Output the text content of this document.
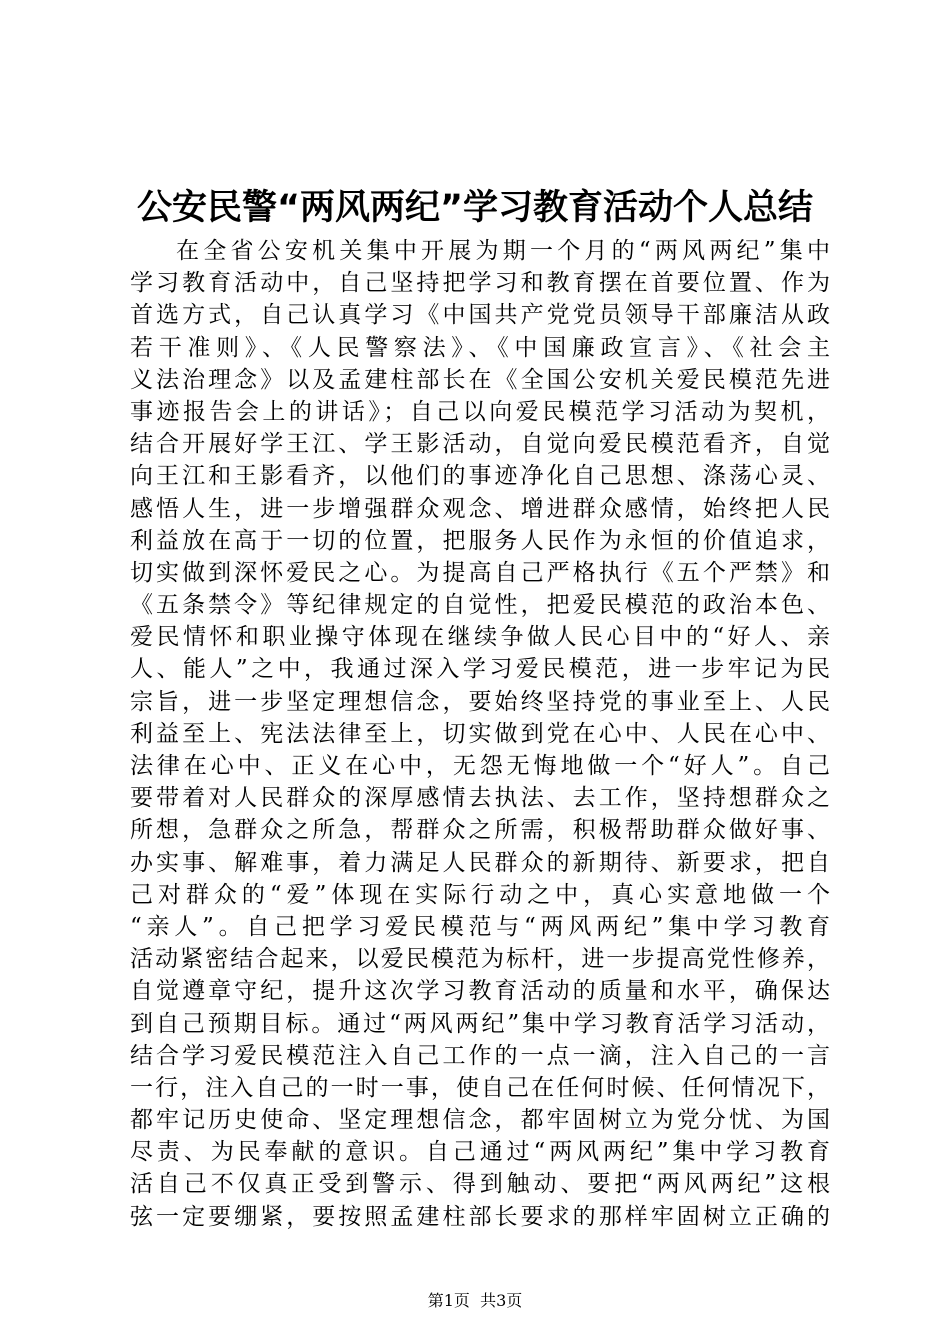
公安民警“两风两纪”学习教育活动个人总结
在全省公安机关集中开展为期一个月的“两风两纪”集中
学习教育活动中，自己坚持把学习和教育摆在首要位置、作为
首选方式，自己认真学习《中国共产党党员领导干部廉洁从政
若干准则》、《人民警察法》、《中国廉政宣言》、《社会主
义法治理念》以及孟建柱部长在《全国公安机关爱民模范先进
事迹报告会上的讲话》；自己以向爱民模范学习活动为契机，
结合开展好学王江、学王影活动，自觉向爱民模范看齐，自觉
向王江和王影看齐，以他们的事迹净化自己思想、涤荡心灵、
感悟人生，进一步增强群众观念、增进群众感情，始终把人民
利益放在高于一切的位置，把服务人民作为永恒的价值追求，
切实做到深怀爱民之心。为提高自己严格执行《五个严禁》和
《五条禁令》等纪律规定的自觉性，把爱民模范的政治本色、
爱民情怀和职业操守体现在继续争做人民心目中的“好人、亲
人、能人”之中，我通过深入学习爱民模范，进一步牢记为民
宗旨，进一步坚定理想信念，要始终坚持党的事业至上、人民
利益至上、宪法法律至上，切实做到党在心中、人民在心中、
法律在心中、正义在心中，无怨无悔地做一个“好人”。自己
要带着对人民群众的深厚感情去执法、去工作，坚持想群众之
所想，急群众之所急，帮群众之所需，积极帮助群众做好事、
办实事、解难事，着力满足人民群众的新期待、新要求，把自
己对群众的“爱”体现在实际行动之中，真心实意地做一个
“亲人”。自己把学习爱民模范与“两风两纪”集中学习教育
活动紧密结合起来，以爱民模范为标杆，进一步提高党性修养，
自觉遵章守纪，提升这次学习教育活动的质量和水平，确保达
到自己预期目标。通过“两风两纪”集中学习教育活学习活动，
结合学习爱民模范注入自己工作的一点一滴，注入自己的一言
一行，注入自己的一时一事，使自己在任何时候、任何情况下，
都牢记历史使命、坚定理想信念，都牢固树立为党分忧、为国
尽责、为民奉献的意识。自己通过“两风两纪”集中学习教育
活自己不仅真正受到警示、得到触动、要把“两风两纪”这根
弦一定要绷紧，要按照孟建柱部长要求的那样牢固树立正确的
第1页  共3页
